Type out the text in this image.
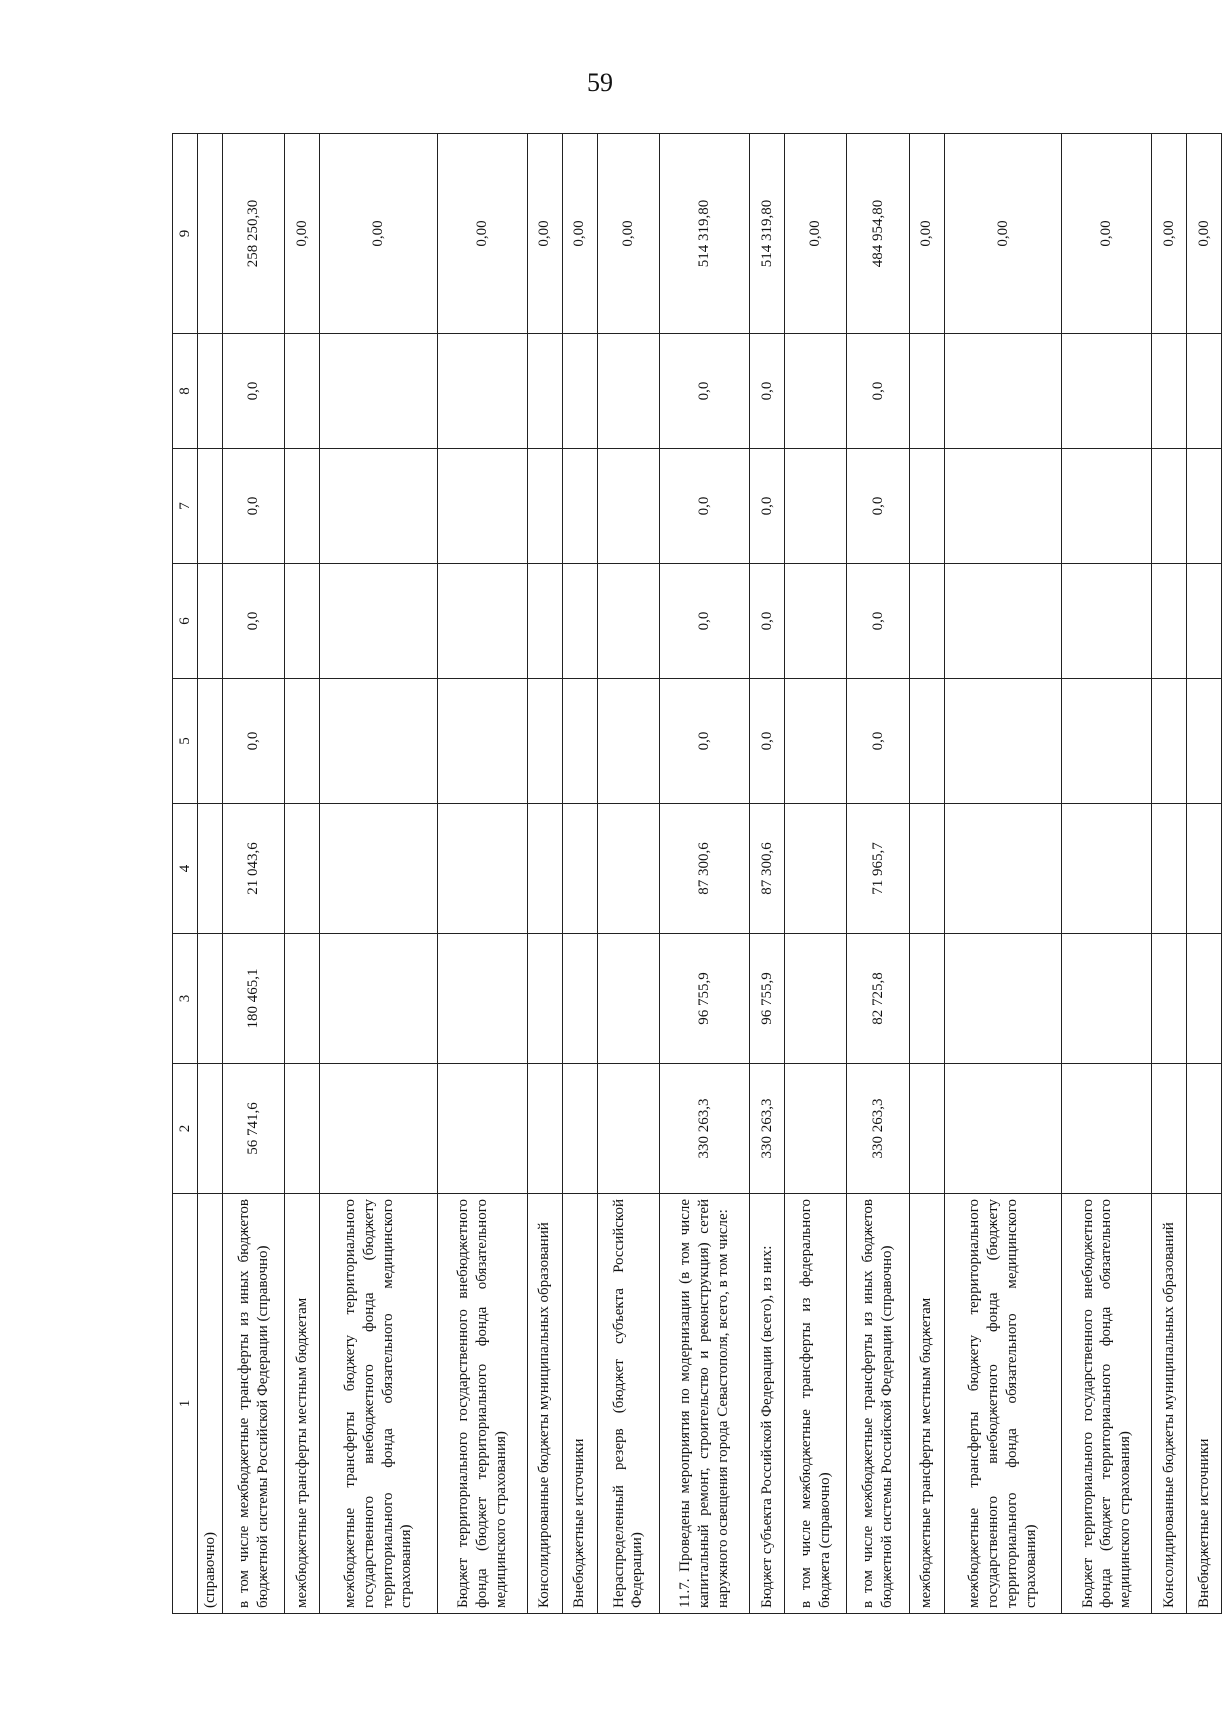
59
1	2	3	4	5	6	7	8	9
(справочно)								
в том числе межбюджетные трансферты из иных бюджетов бюджетной системы Российской Федерации (справочно)	56 741,6	180 465,1	21 043,6	0,0	0,0	0,0	0,0	258 250,30
межбюджетные трансферты местным бюджетам								0,00
межбюджетные трансферты бюджету территориального государственного внебюджетного фонда (бюджету территориального фонда обязательного медицинского страхования)								0,00
Бюджет территориального государственного внебюджетного фонда (бюджет территориального фонда обязательного медицинского страхования)								0,00
Консолидированные бюджеты муниципальных образований								0,00
Внебюджетные источники								0,00
Нераспределенный резерв (бюджет субъекта Российской Федерации)								0,00
11.7. Проведены мероприятия по модернизации (в том числе капитальный ремонт, строительство и реконструкция) сетей наружного освещения города Севастополя, всего, в том числе:	330 263,3	96 755,9	87 300,6	0,0	0,0	0,0	0,0	514 319,80
Бюджет субъекта Российской Федерации (всего), из них:	330 263,3	96 755,9	87 300,6	0,0	0,0	0,0	0,0	514 319,80
в том числе межбюджетные трансферты из федерального бюджета (справочно)								0,00
в том числе межбюджетные трансферты из иных бюджетов бюджетной системы Российской Федерации (справочно)	330 263,3	82 725,8	71 965,7	0,0	0,0	0,0	0,0	484 954,80
межбюджетные трансферты местным бюджетам								0,00
межбюджетные трансферты бюджету территориального государственного внебюджетного фонда (бюджету территориального фонда обязательного медицинского страхования)								0,00
Бюджет территориального государственного внебюджетного фонда (бюджет территориального фонда обязательного медицинского страхования)								0,00
Консолидированные бюджеты муниципальных образований								0,00
Внебюджетные источники								0,00
